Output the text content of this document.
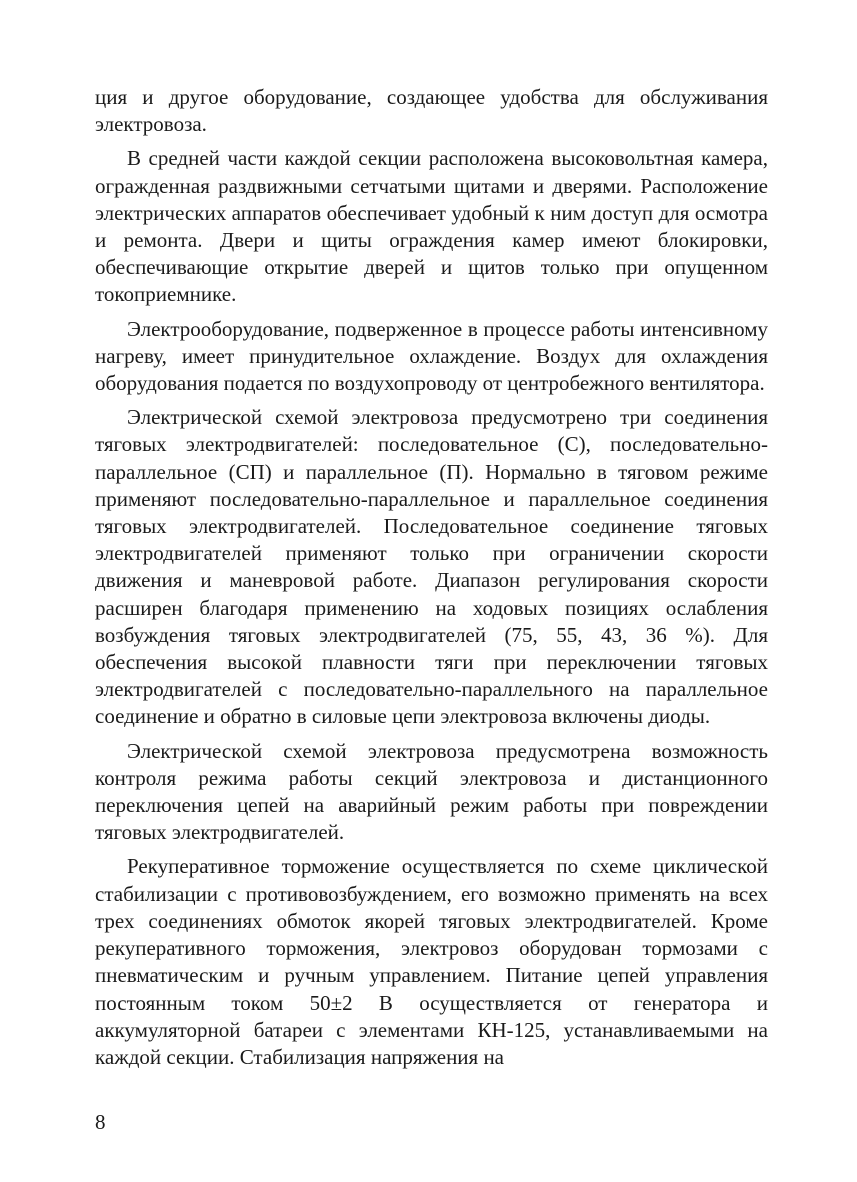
ция и другое оборудование, создающее удобства для обслуживания электровоза.

В средней части каждой секции расположена высоковольтная камера, огражденная раздвижными сетчатыми щитами и дверями. Расположение электрических аппаратов обеспечивает удобный к ним доступ для осмотра и ремонта. Двери и щиты ограждения камер имеют блокировки, обеспечивающие открытие дверей и щитов только при опущенном токоприемнике.

Электрооборудование, подверженное в процессе работы интенсивному нагреву, имеет принудительное охлаждение. Воздух для охлаждения оборудования подается по воздухопроводу от центробежного вентилятора.

Электрической схемой электровоза предусмотрено три соединения тяговых электродвигателей: последовательное (С), последовательно-параллельное (СП) и параллельное (П). Нормально в тяговом режиме применяют последовательно-параллельное и параллельное соединения тяговых электродвигателей. Последовательное соединение тяговых электродвигателей применяют только при ограничении скорости движения и маневровой работе. Диапазон регулирования скорости расширен благодаря применению на ходовых позициях ослабления возбуждения тяговых электродвигателей (75, 55, 43, 36 %). Для обеспечения высокой плавности тяги при переключении тяговых электродвигателей с последовательно-параллельного на параллельное соединение и обратно в силовые цепи электровоза включены диоды.

Электрической схемой электровоза предусмотрена возможность контроля режима работы секций электровоза и дистанционного переключения цепей на аварийный режим работы при повреждении тяговых электродвигателей.

Рекуперативное торможение осуществляется по схеме циклической стабилизации с противовозбуждением, его возможно применять на всех трех соединениях обмоток якорей тяговых электродвигателей. Кроме рекуперативного торможения, электровоз оборудован тормозами с пневматическим и ручным управлением. Питание цепей управления постоянным током 50±2 В осуществляется от генератора и аккумуляторной батареи с элементами КН-125, устанавливаемыми на каждой секции. Стабилизация напряжения на

8
